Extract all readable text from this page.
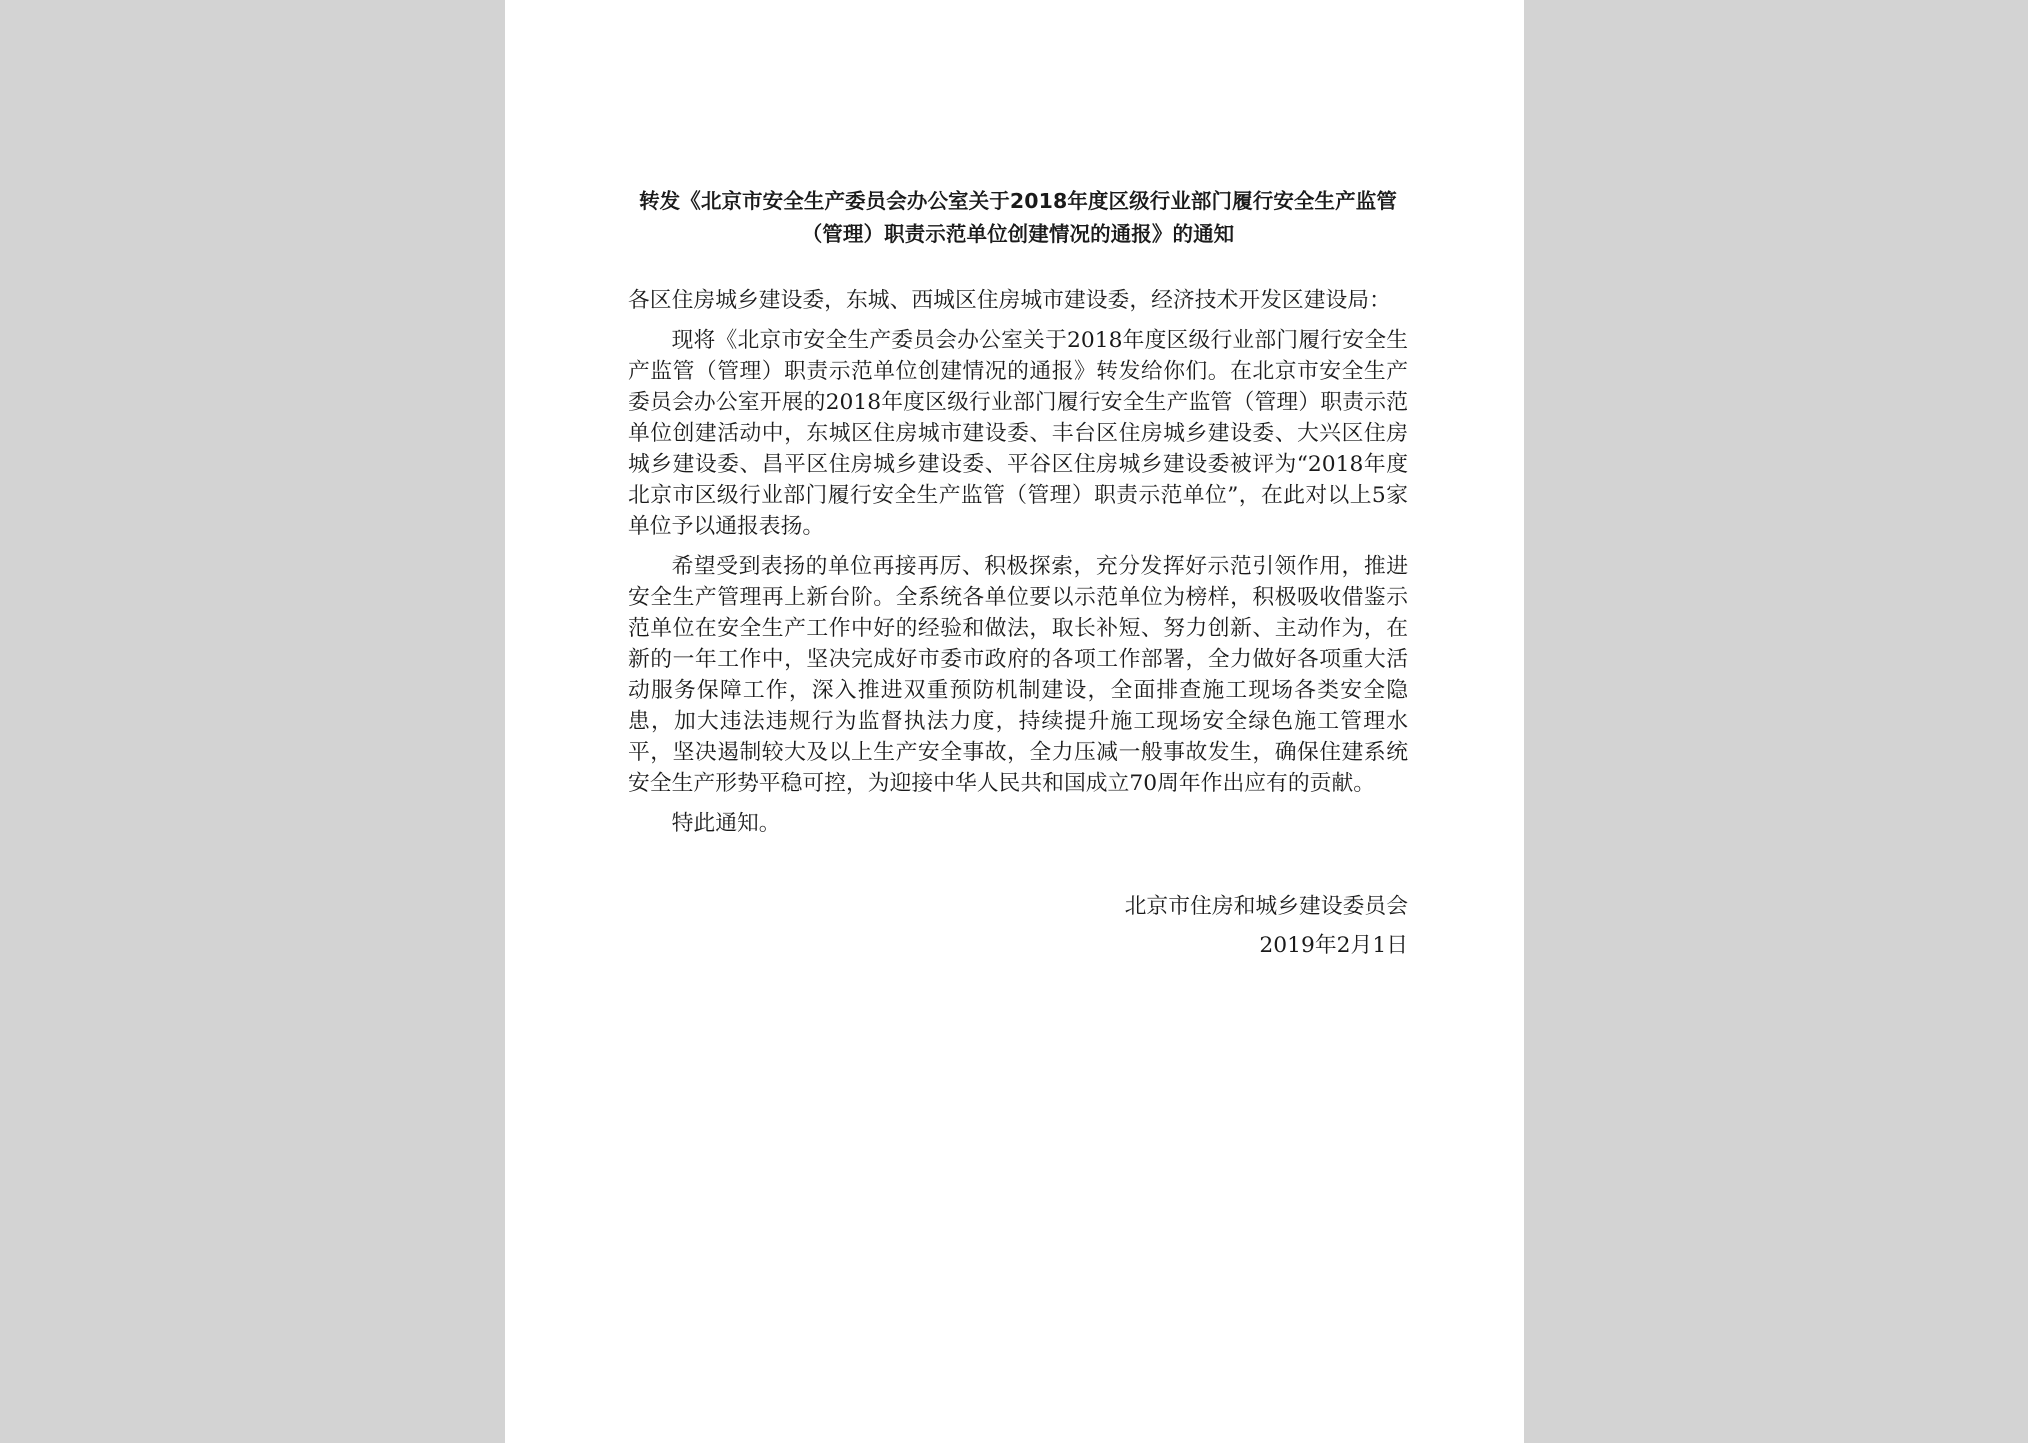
转发《北京市安全生产委员会办公室关于2018年度区级行业部门履行安全生产监管（管理）职责示范单位创建情况的通报》的通知

各区住房城乡建设委，东城、西城区住房城市建设委，经济技术开发区建设局：

现将《北京市安全生产委员会办公室关于2018年度区级行业部门履行安全生产监管（管理）职责示范单位创建情况的通报》转发给你们。在北京市安全生产委员会办公室开展的2018年度区级行业部门履行安全生产监管（管理）职责示范单位创建活动中，东城区住房城市建设委、丰台区住房城乡建设委、大兴区住房城乡建设委、昌平区住房城乡建设委、平谷区住房城乡建设委被评为“2018年度北京市区级行业部门履行安全生产监管（管理）职责示范单位”，在此对以上5家单位予以通报表扬。

希望受到表扬的单位再接再厉、积极探索，充分发挥好示范引领作用，推进安全生产管理再上新台阶。全系统各单位要以示范单位为榜样，积极吸收借鉴示范单位在安全生产工作中好的经验和做法，取长补短、努力创新、主动作为，在新的一年工作中，坚决完成好市委市政府的各项工作部署，全力做好各项重大活动服务保障工作，深入推进双重预防机制建设，全面排查施工现场各类安全隐患，加大违法违规行为监督执法力度，持续提升施工现场安全绿色施工管理水平，坚决遏制较大及以上生产安全事故，全力压减一般事故发生，确保住建系统安全生产形势平稳可控，为迎接中华人民共和国成立70周年作出应有的贡献。

特此通知。

北京市住房和城乡建设委员会
2019年2月1日
